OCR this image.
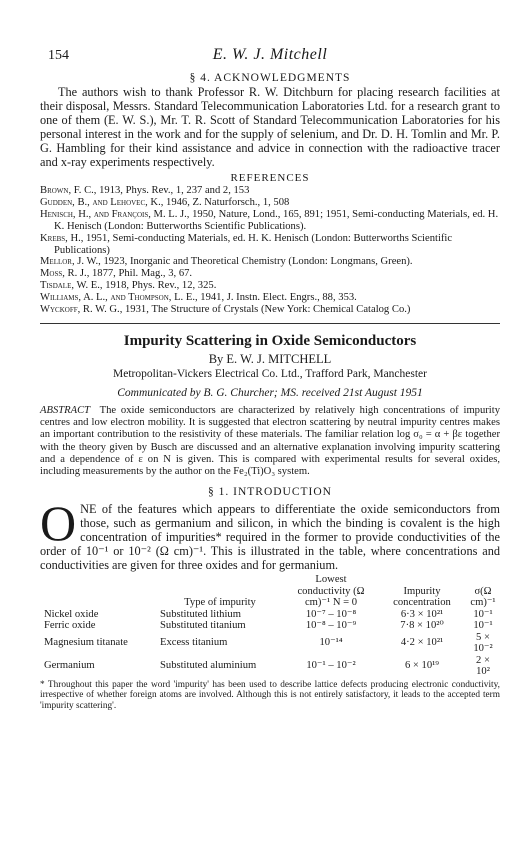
154	E. W. J. Mitchell
§ 4. ACKNOWLEDGMENTS

The authors wish to thank Professor R. W. Ditchburn for placing research facilities at their disposal, Messrs. Standard Telecommunication Laboratories Ltd. for a research grant to one of them (E. W. S.), Mr. T. R. Scott of Standard Telecommunication Laboratories for his personal interest in the work and for the supply of selenium, and Dr. D. H. Tomlin and Mr. P. G. Hambling for their kind assistance and advice in connection with the radioactive tracer and x-ray experiments respectively.

REFERENCES
Brown, F. C., 1913, Phys. Rev., 1, 237 and 2, 153
Gudden, B., and Lehovec, K., 1946, Z. Naturforsch., 1, 508
Henisch, H., and François, M. L. J., 1950, Nature, Lond., 165, 891; 1951, Semi-conducting Materials, ed. H. K. Henisch (London: Butterworths Scientific Publications).
Krebs, H., 1951, Semi-conducting Materials, ed. H. K. Henisch (London: Butterworths Scientific Publications)
Mellor, J. W., 1923, Inorganic and Theoretical Chemistry (London: Longmans, Green).
Moss, R. J., 1877, Phil. Mag., 3, 67.
Tisdale, W. E., 1918, Phys. Rev., 12, 325.
Williams, A. L., and Thompson, L. E., 1941, J. Instn. Elect. Engrs., 88, 353.
Wyckoff, R. W. G., 1931, The Structure of Crystals (New York: Chemical Catalog Co.)
Impurity Scattering in Oxide Semiconductors
By E. W. J. MITCHELL
Metropolitan-Vickers Electrical Co. Ltd., Trafford Park, Manchester
Communicated by B. G. Churcher; MS. received 21st August 1951

ABSTRACT The oxide semiconductors are characterized by relatively high concentrations of impurity centres and low electron mobility. It is suggested that electron scattering by neutral impurity centres makes an important contribution to the resistivity of these materials. The familiar relation log σ₀ = α + βε together with the theory given by Busch are discussed and an alternative explanation involving impurity scattering and a dependence of ε on N is given. This is compared with experimental results for several oxides, including measurements by the author on the Fe₂(Ti)O₃ system.

§ 1. INTRODUCTION

ONE of the features which appears to differentiate the oxide semiconductors from those, such as germanium and silicon, in which the binding is covalent is the high concentration of impurities* required in the former to provide conductivities of the order of 10⁻¹ or 10⁻² (Ω cm)⁻¹. This is illustrated in the table, where concentrations and conductivities are given for three oxides and for germanium.

	Type of impurity	Lowest conductivity (Ω cm)⁻¹ N = 0	Impurity concentration	σ(Ω cm)⁻¹
Nickel oxide	Substituted lithium	10⁻⁷ – 10⁻⁸	6·3 × 10²¹	10⁻¹
Ferric oxide	Substituted titanium	10⁻⁸ – 10⁻⁹	7·8 × 10²⁰	10⁻¹
Magnesium titanate	Excess titanium	10⁻¹⁴	4·2 × 10²¹	5 × 10⁻²
Germanium	Substituted aluminium	10⁻¹ – 10⁻²	6 × 10¹⁹	2 × 10²

* Throughout this paper the word 'impurity' has been used to describe lattice defects producing electronic conductivity, irrespective of whether foreign atoms are involved. Although this is not entirely satisfactory, it leads to the accepted term 'impurity scattering'.
